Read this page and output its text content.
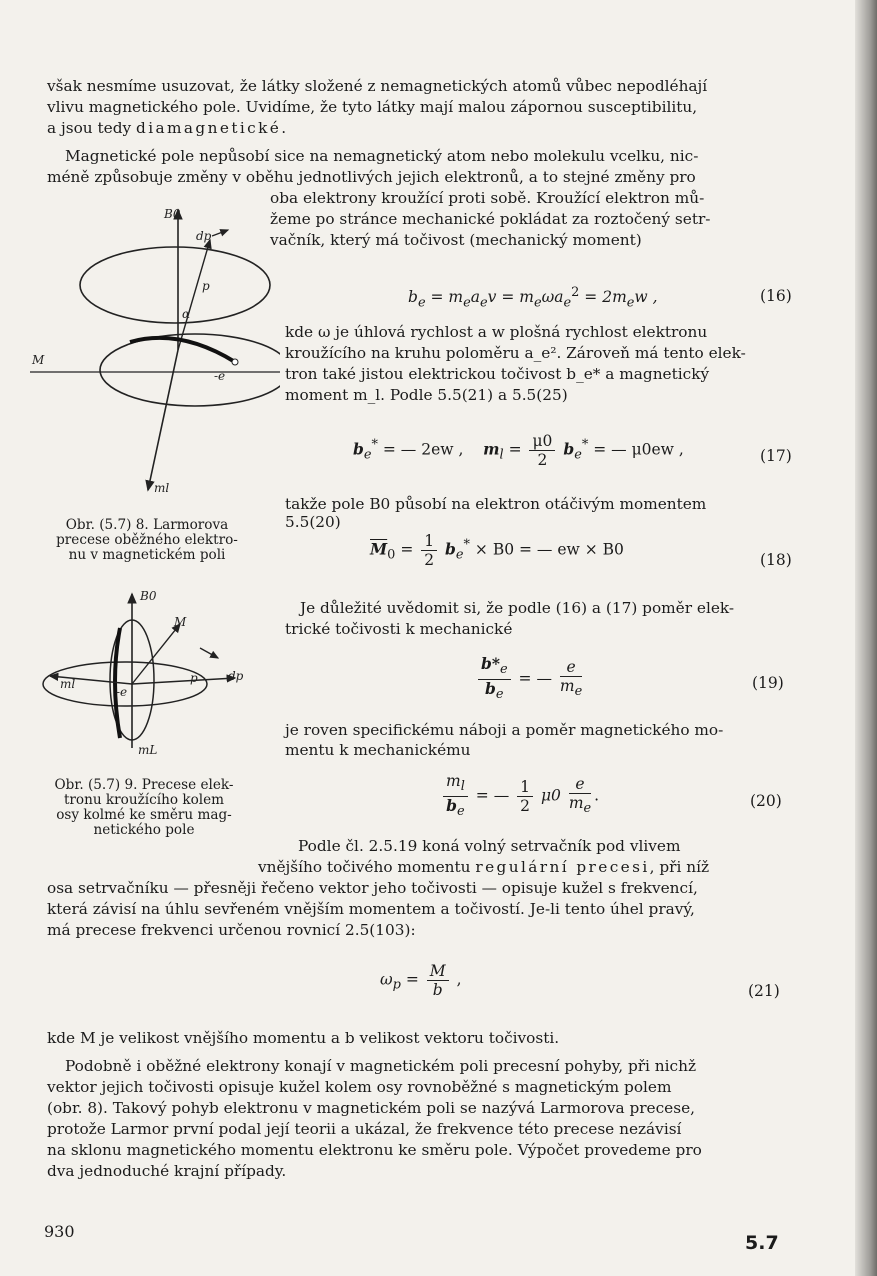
však nesmíme usuzovat, že látky složené z nemagnetických atomů vůbec nepodléhají
vlivu magnetického pole. Uvidíme, že tyto látky mají malou zápornou susceptibilitu,
a jsou tedy diamagnetické.
Magnetické pole nepůsobí sice na nemagnetický atom nebo molekulu vcelku, nic-
méně způsobuje změny v oběhu jednotlivých jejich elektronů, a to stejné změny pro
oba elektrony kroužící proti sobě. Kroužící elektron mů-
žeme po stránce mechanické pokládat za roztočený setr-
vačník, který má točivost (mechanický moment)
$b_e = m_ea_ev = m_e\omega a_e^2 = 2m_ew$ ,	(16)
kde ω je úhlová rychlost a w plošná rychlost elektronu
kroužícího na kruhu poloměru a_e². Zároveň má tento elek-
tron také jistou elektrickou točivost b_e* a magnetický
moment m_l. Podle 5.5(21) a 5.5(25)
$b_e^*$ = — 2ew , $m_l = \frac{\mu 0}{2} b_e^*$ = — μ0ew ,	(17)
takže pole B0 působí na elektron otáčivým momentem
5.5(20)
$\overline{M}_0 = \frac{1}{2} b_e^* \times B0$ = — ew × B0
(18)
Je důležité uvědomit si, že podle (16) a (17) poměr elek-
trické točivosti k mechanické
$\frac{b*_e}{b_e}$ = — $\frac{e}{m_e}$	(19)
je roven specifickému náboji a poměr magnetického mo-
mentu k mechanickému
$\frac{m_l}{b_e}$ = — $\frac{1}{2} \mu 0 \frac{e}{m_e}$ .	(20)
Podle čl. 2.5.19 koná volný setrvačník pod vlivem
vnějšího točivého momentu regulární precesi, při níž
osa setrvačníku — přesněji řečeno vektor jeho točivosti — opisuje kužel s frekvencí,
která závisí na úhlu sevřeném vnějším momentem a točivostí. Je-li tento úhel pravý,
má precese frekvenci určenou rovnicí 2.5(103):
$\omega_p = \frac{M}{b}$ ,
(21)
kde M je velikost vnějšího momentu a b velikost vektoru točivosti.
Podobně i oběžné elektrony konají v magnetickém poli precesní pohyby, při nichž
vektor jejich točivosti opisuje kužel kolem osy rovnoběžné s magnetickým polem
(obr. 8). Takový pohyb elektronu v magnetickém poli se nazývá Larmorova precese,
protože Larmor první podal její teorii a ukázal, že frekvence této precese nezávisí
na sklonu magnetického momentu elektronu ke směru pole. Výpočet provedeme pro
dva jednoduché krajní případy.
B0
dp
p
α
M
-e
ml
Obr. (5.7) 8. Larmorova
precese oběžného elektro-
nu v magnetickém poli
B0
M
p	dp
ml
-e
mL
Obr. (5.7) 9. Precese elek-
tronu kroužícího kolem
osy kolmé ke směru mag-
netického pole
930
5.7
